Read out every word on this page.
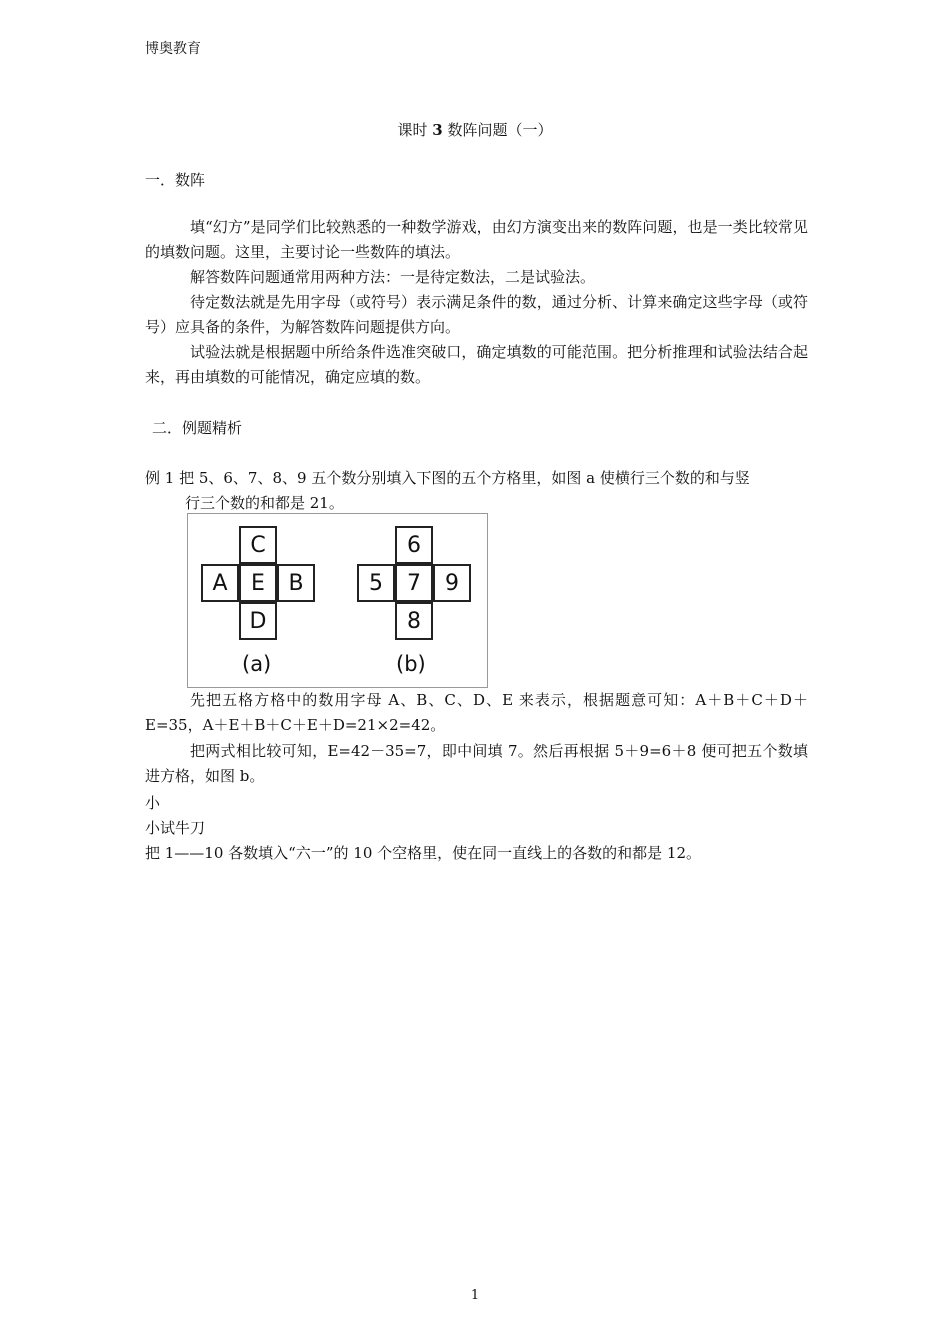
博奥教育
课时 3 数阵问题（一）
一．数阵

填“幻方”是同学们比较熟悉的一种数学游戏，由幻方演变出来的数阵问题，也是一类比较常见的填数问题。这里，主要讨论一些数阵的填法。

解答数阵问题通常用两种方法：一是待定数法，二是试验法。

待定数法就是先用字母（或符号）表示满足条件的数，通过分析、计算来确定这些字母（或符号）应具备的条件，为解答数阵问题提供方向。

试验法就是根据题中所给条件选准突破口，确定填数的可能范围。把分析推理和试验法结合起来，再由填数的可能情况，确定应填的数。

二．例题精析
例 1 把 5、6、7、8、9 五个数分别填入下图的五个方格里，如图 a 使横行三个数的和与竖
行三个数的和都是 21。
C
A	E	B
D
(a)
6
5	7	9
8
(b)

先把五格方格中的数用字母 A、B、C、D、E 来表示，根据题意可知：A＋B＋C＋D＋E=35，A＋E＋B＋C＋E＋D=21×2=42。

把两式相比较可知，E=42－35=7，即中间填 7。然后再根据 5＋9=6＋8 便可把五个数填进方格，如图 b。

小
小试牛刀
把 1——10 各数填入“六一”的 10 个空格里，使在同一直线上的各数的和都是 12。
1
